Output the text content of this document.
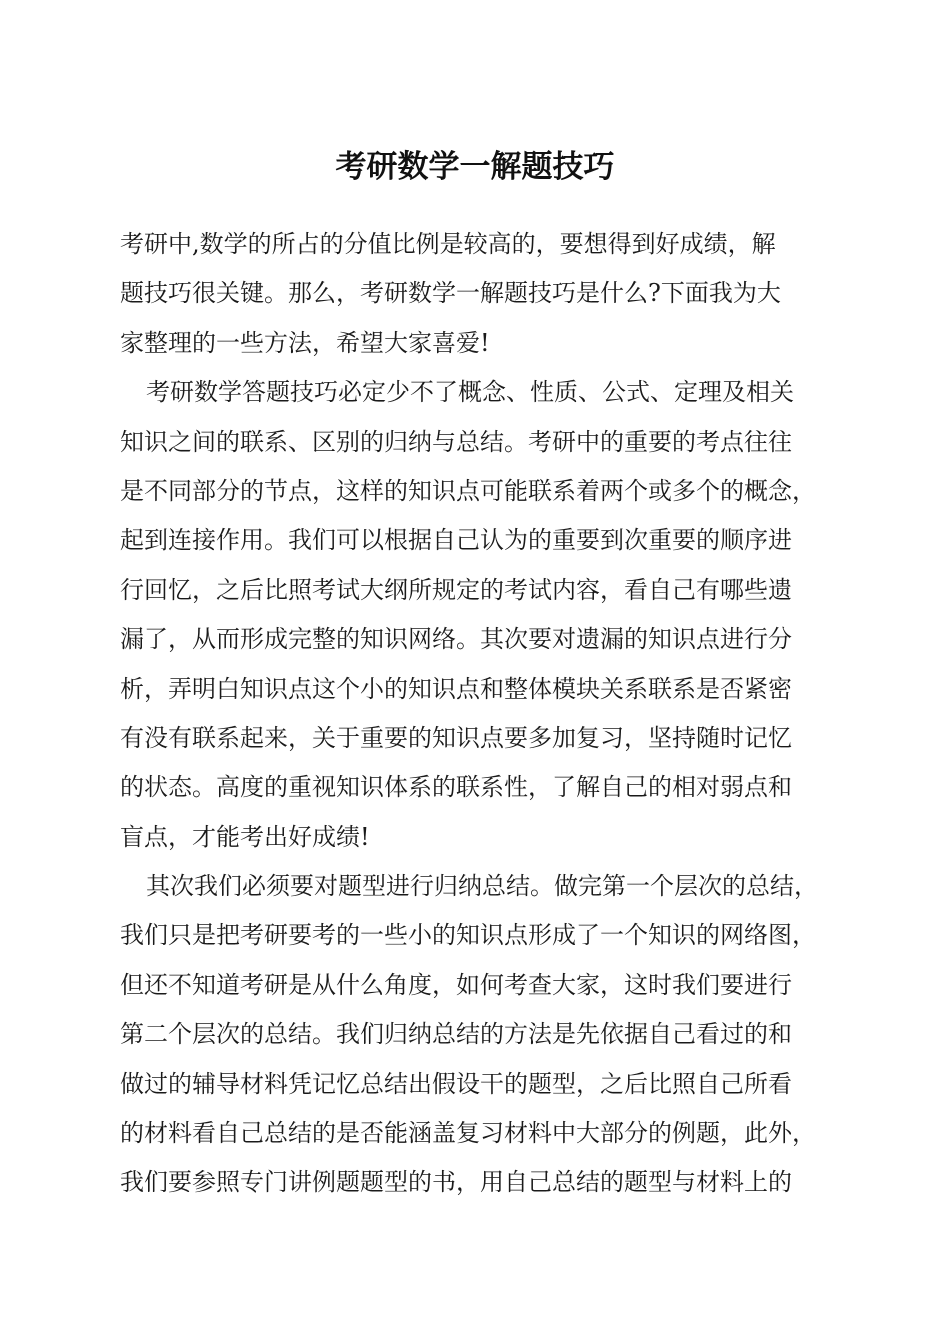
考研数学一解题技巧
考研中,数学的所占的分值比例是较高的，要想得到好成绩，解
题技巧很关键。那么，考研数学一解题技巧是什么?下面我为大
家整理的一些方法，希望大家喜爱!
考研数学答题技巧必定少不了概念、性质、公式、定理及相关
知识之间的联系、区别的归纳与总结。考研中的重要的考点往往
是不同部分的节点，这样的知识点可能联系着两个或多个的概念，
起到连接作用。我们可以根据自己认为的重要到次重要的顺序进
行回忆，之后比照考试大纲所规定的考试内容，看自己有哪些遗
漏了，从而形成完整的知识网络。其次要对遗漏的知识点进行分
析，弄明白知识点这个小的知识点和整体模块关系联系是否紧密
有没有联系起来，关于重要的知识点要多加复习，坚持随时记忆
的状态。高度的重视知识体系的联系性，了解自己的相对弱点和
盲点，才能考出好成绩!
其次我们必须要对题型进行归纳总结。做完第一个层次的总结，
我们只是把考研要考的一些小的知识点形成了一个知识的网络图，
但还不知道考研是从什么角度，如何考查大家，这时我们要进行
第二个层次的总结。我们归纳总结的方法是先依据自己看过的和
做过的辅导材料凭记忆总结出假设干的题型，之后比照自己所看
的材料看自己总结的是否能涵盖复习材料中大部分的例题，此外，
我们要参照专门讲例题题型的书，用自己总结的题型与材料上的
